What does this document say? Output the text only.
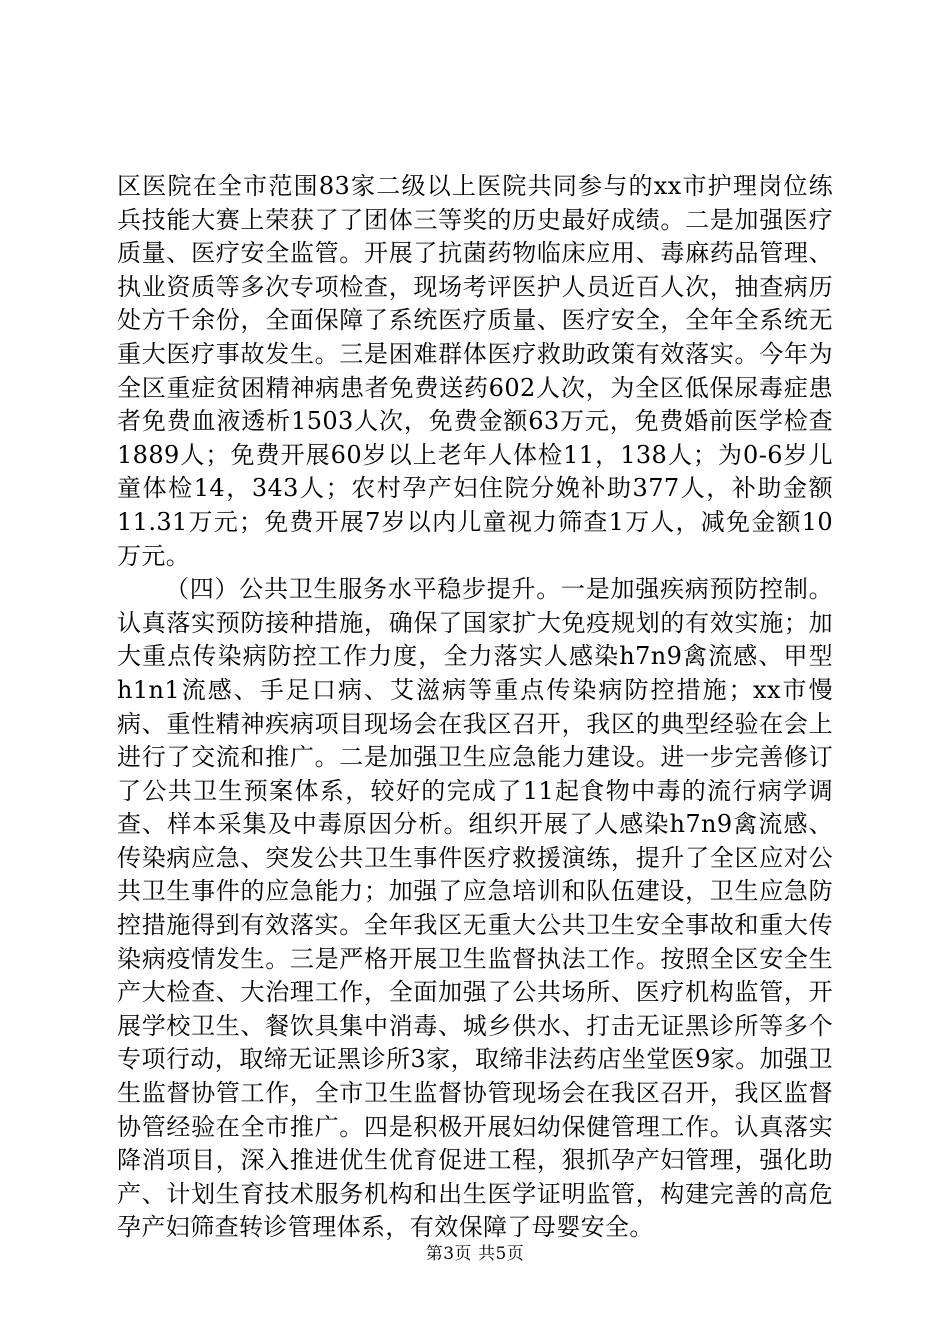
区医院在全市范围83家二级以上医院共同参与的xx市护理岗位练兵技能大赛上荣获了了团体三等奖的历史最好成绩。二是加强医疗质量、医疗安全监管。开展了抗菌药物临床应用、毒麻药品管理、执业资质等多次专项检查，现场考评医护人员近百人次，抽查病历处方千余份，全面保障了系统医疗质量、医疗安全，全年全系统无重大医疗事故发生。三是困难群体医疗救助政策有效落实。今年为全区重症贫困精神病患者免费送药602人次，为全区低保尿毒症患者免费血液透析1503人次，免费金额63万元，免费婚前医学检查1889人；免费开展60岁以上老年人体检11，138人；为0-6岁儿童体检14，343人；农村孕产妇住院分娩补助377人，补助金额11.31万元；免费开展7岁以内儿童视力筛查1万人，减免金额10万元。

（四）公共卫生服务水平稳步提升。一是加强疾病预防控制。认真落实预防接种措施，确保了国家扩大免疫规划的有效实施；加大重点传染病防控工作力度，全力落实人感染h7n9禽流感、甲型h1n1流感、手足口病、艾滋病等重点传染病防控措施；xx市慢病、重性精神疾病项目现场会在我区召开，我区的典型经验在会上进行了交流和推广。二是加强卫生应急能力建设。进一步完善修订了公共卫生预案体系，较好的完成了11起食物中毒的流行病学调查、样本采集及中毒原因分析。组织开展了人感染h7n9禽流感、传染病应急、突发公共卫生事件医疗救援演练，提升了全区应对公共卫生事件的应急能力；加强了应急培训和队伍建设，卫生应急防控措施得到有效落实。全年我区无重大公共卫生安全事故和重大传染病疫情发生。三是严格开展卫生监督执法工作。按照全区安全生产大检查、大治理工作，全面加强了公共场所、医疗机构监管，开展学校卫生、餐饮具集中消毒、城乡供水、打击无证黑诊所等多个专项行动，取缔无证黑诊所3家，取缔非法药店坐堂医9家。加强卫生监督协管工作，全市卫生监督协管现场会在我区召开，我区监督协管经验在全市推广。四是积极开展妇幼保健管理工作。认真落实降消项目，深入推进优生优育促进工程，狠抓孕产妇管理，强化助产、计划生育技术服务机构和出生医学证明监管，构建完善的高危孕产妇筛查转诊管理体系，有效保障了母婴安全。

第3页 共5页
